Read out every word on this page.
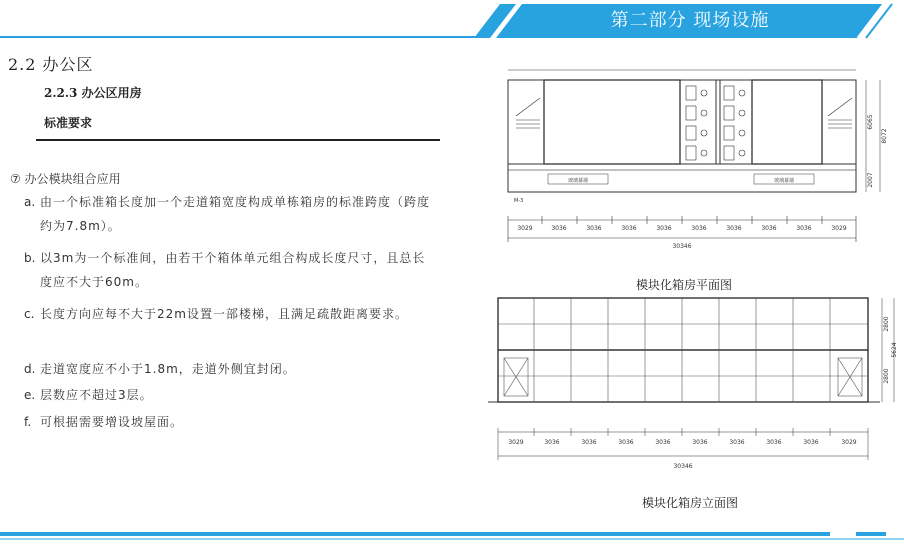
第二部分 现场设施
2.2 办公区
2.2.3 办公区用房
标准要求
⑦ 办公模块组合应用
a. 由一个标准箱长度加一个走道箱宽度构成单栋箱房的标准跨度（跨度约为7.8m）。
b. 以3m为一个标准间，由若干个箱体单元组合构成长度尺寸，且总长度应不大于60m。
c. 长度方向应每不大于22m设置一部楼梯，且满足疏散距离要求。
d. 走道宽度应不小于1.8m，走道外侧宜封闭。
e. 层数应不超过3层。
f. 可根据需要增设坡屋面。
玻璃幕墙	玻璃幕墙
M-3
3029	3036	3036	3036	3036	3036	3036	3036	3036	3029
30346
6065
2007
8072
模块化箱房平面图
3029	3036	3036	3036	3036	3036	3036	3036	3036	3029
30346
2800
2800
5624
模块化箱房立面图
